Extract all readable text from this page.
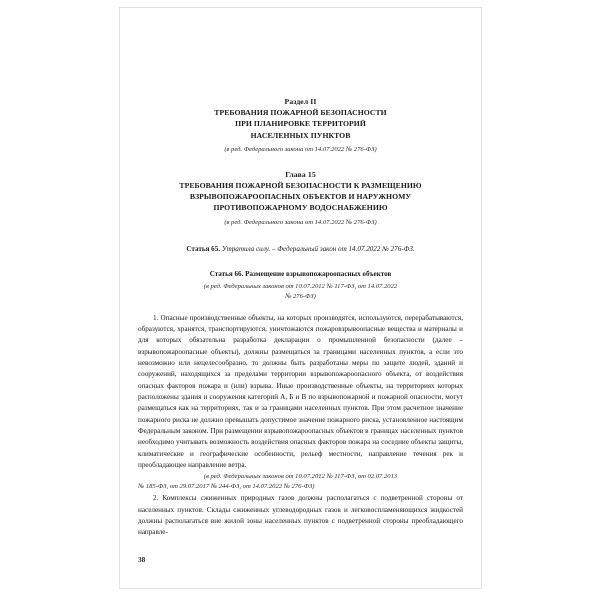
Раздел II
ТРЕБОВАНИЯ ПОЖАРНОЙ БЕЗОПАСНОСТИ
ПРИ ПЛАНИРОВКЕ ТЕРРИТОРИЙ
НАСЕЛЕННЫХ ПУНКТОВ
(в ред. Федерального закона от 14.07.2022 № 276-ФЗ)
Глава 15
ТРЕБОВАНИЯ ПОЖАРНОЙ БЕЗОПАСНОСТИ К РАЗМЕЩЕНИЮ
ВЗРЫВОПОЖАРООПАСНЫХ ОБЪЕКТОВ И НАРУЖНОМУ
ПРОТИВОПОЖАРНОМУ ВОДОСНАБЖЕНИЮ
(в ред. Федерального закона от 14.07.2022 № 276-ФЗ)
Статья 65. Утратила силу. – Федеральный закон от 14.07.2022 № 276-ФЗ.
Статья 66. Размещение взрывопожароопасных объектов
(в ред. Федеральных законов от 10.07.2012 № 117-ФЗ, от 14.07.2022
№ 276-ФЗ)
1. Опасные производственные объекты, на которых производятся, используются, перерабатываются, образуются, хранятся, транспортируются, уничтожаются пожаровзрывоопасные вещества и материалы и для которых обязательна разработка декларации о промышленной безопасности (далее – взрывопожароопасные объекты), должны размещаться за границами населенных пунктов, а если это невозможно или нецелесообразно, то должны быть разработаны меры по защите людей, зданий и сооружений, находящихся за пределами территории взрывопожароопасного объекта, от воздействия опасных факторов пожара и (или) взрыва. Иные производственные объекты, на территориях которых расположены здания и сооружения категорий А, Б и В по взрывопожарной и пожарной опасности, могут размещаться как на территориях, так и за границами населенных пунктов. При этом расчетное значение пожарного риска не должно превышать допустимое значение пожарного риска, установленное настоящим Федеральным законом. При размещении взрывопожароопасных объектов в границах населенных пунктов необходимо учитывать возможность воздействия опасных факторов пожара на соседние объекты защиты, климатические и географические особенности, рельеф местности, направление течения рек и преобладающее направление ветра.
(в ред. Федеральных законов от 10.07.2012 № 117-ФЗ, от 02.07.2013
№ 185-ФЗ, от 29.07.2017 № 244-ФЗ, от 14.07.2022 № 276-ФЗ)
2. Комплексы сжиженных природных газов должны располагаться с подветренной стороны от населенных пунктов. Склады сжиженных углеводородных газов и легковоспламеняющихся жидкостей должны располагаться вне жилой зоны населенных пунктов с подветренной стороны преобладающего направле-
38
